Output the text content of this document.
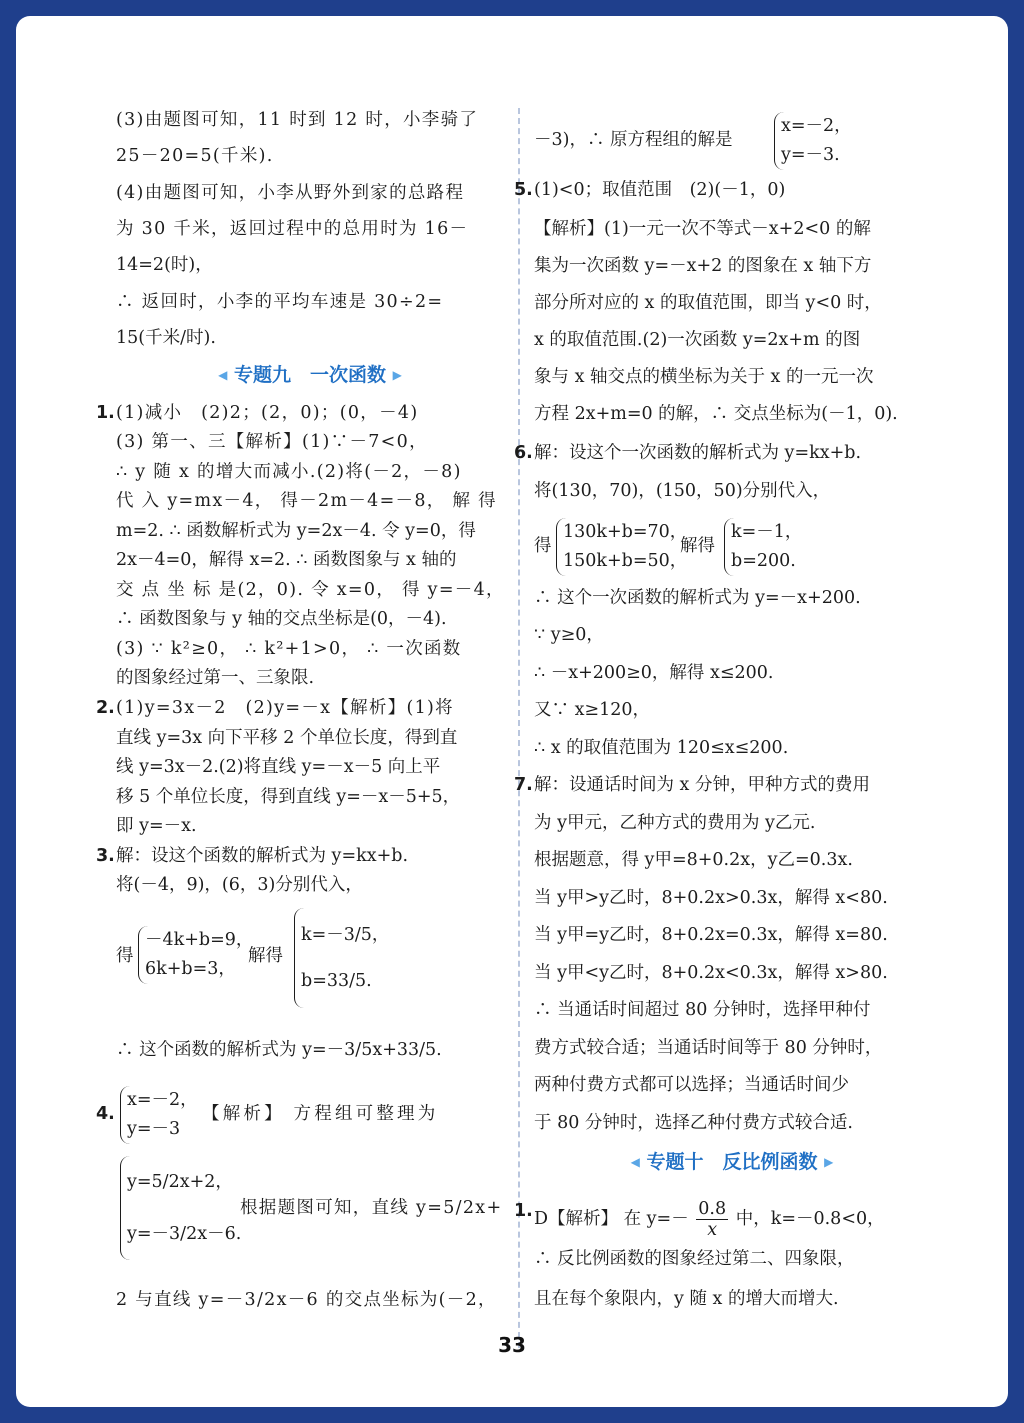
(3)由题图可知，11 时到 12 时，小李骑了
25－20=5(千米).
(4)由题图可知，小李从野外到家的总路程
为 30 千米，返回过程中的总用时为 16－
14=2(时)，
∴ 返回时，小李的平均车速是 30÷2=
15(千米/时).
◀ 专题九　一次函数 ▶
1. (1)减小　(2)2；(2，0)；(0，－4)
(3) 第一、三【解析】(1)∵－7<0，
∴ y 随 x 的增大而减小.(2)将(－2，－8)
代 入 y=mx－4， 得－2m－4=－8， 解 得
m=2. ∴ 函数解析式为 y=2x－4. 令 y=0，得
2x－4=0，解得 x=2. ∴ 函数图象与 x 轴的
交 点 坐 标 是(2，0). 令 x=0， 得 y=－4，
∴ 函数图象与 y 轴的交点坐标是(0，－4).
(3) ∵ k²≥0， ∴ k²+1>0， ∴ 一次函数
的图象经过第一、三象限.
2. (1)y=3x－2　(2)y=－x【解析】(1)将
直线 y=3x 向下平移 2 个单位长度，得到直
线 y=3x－2.(2)将直线 y=－x－5 向上平
移 5 个单位长度，得到直线 y=－x－5+5，
即 y=－x.
3. 解：设这个函数的解析式为 y=kx+b.
将(－4，9)，(6，3)分别代入，
得
－4k+b=9，
6k+b=3，
解得
k=－3/5，
b=33/5.
∴ 这个函数的解析式为 y=－3/5x+33/5.
4.
x=－2，
y=－3
【解析】 方程组可整理为
y=5/2x+2，
y=－3/2x－6.
根据题图可知，直线 y=5/2x+
2 与直线 y=－3/2x－6 的交点坐标为(－2，
－3)，∴ 原方程组的解是
x=－2，
y=－3.
5. (1)<0；取值范围　(2)(－1，0)
【解析】(1)一元一次不等式－x+2<0 的解
集为一次函数 y=－x+2 的图象在 x 轴下方
部分所对应的 x 的取值范围，即当 y<0 时，
x 的取值范围.(2)一次函数 y=2x+m 的图
象与 x 轴交点的横坐标为关于 x 的一元一次
方程 2x+m=0 的解，∴ 交点坐标为(－1，0).
6. 解：设这个一次函数的解析式为 y=kx+b.
将(130，70)，(150，50)分别代入，
得
130k+b=70，
150k+b=50，
解得
k=－1，
b=200.
∴ 这个一次函数的解析式为 y=－x+200.
∵ y≥0，
∴ －x+200≥0，解得 x≤200.
又∵ x≥120，
∴ x 的取值范围为 120≤x≤200.
7. 解：设通话时间为 x 分钟，甲种方式的费用
为 y甲元，乙种方式的费用为 y乙元.
根据题意，得 y甲=8+0.2x，y乙=0.3x.
当 y甲>y乙时，8+0.2x>0.3x，解得 x<80.
当 y甲=y乙时，8+0.2x=0.3x，解得 x=80.
当 y甲<y乙时，8+0.2x<0.3x，解得 x>80.
∴ 当通话时间超过 80 分钟时，选择甲种付
费方式较合适；当通话时间等于 80 分钟时，
两种付费方式都可以选择；当通话时间少
于 80 分钟时，选择乙种付费方式较合适.
◀ 专题十　反比例函数 ▶
1. D【解析】 在 $y=- \frac{0.8}{x}$ 中，k=－0.8<0，
∴ 反比例函数的图象经过第二、四象限，
且在每个象限内，y 随 x 的增大而增大.
33
